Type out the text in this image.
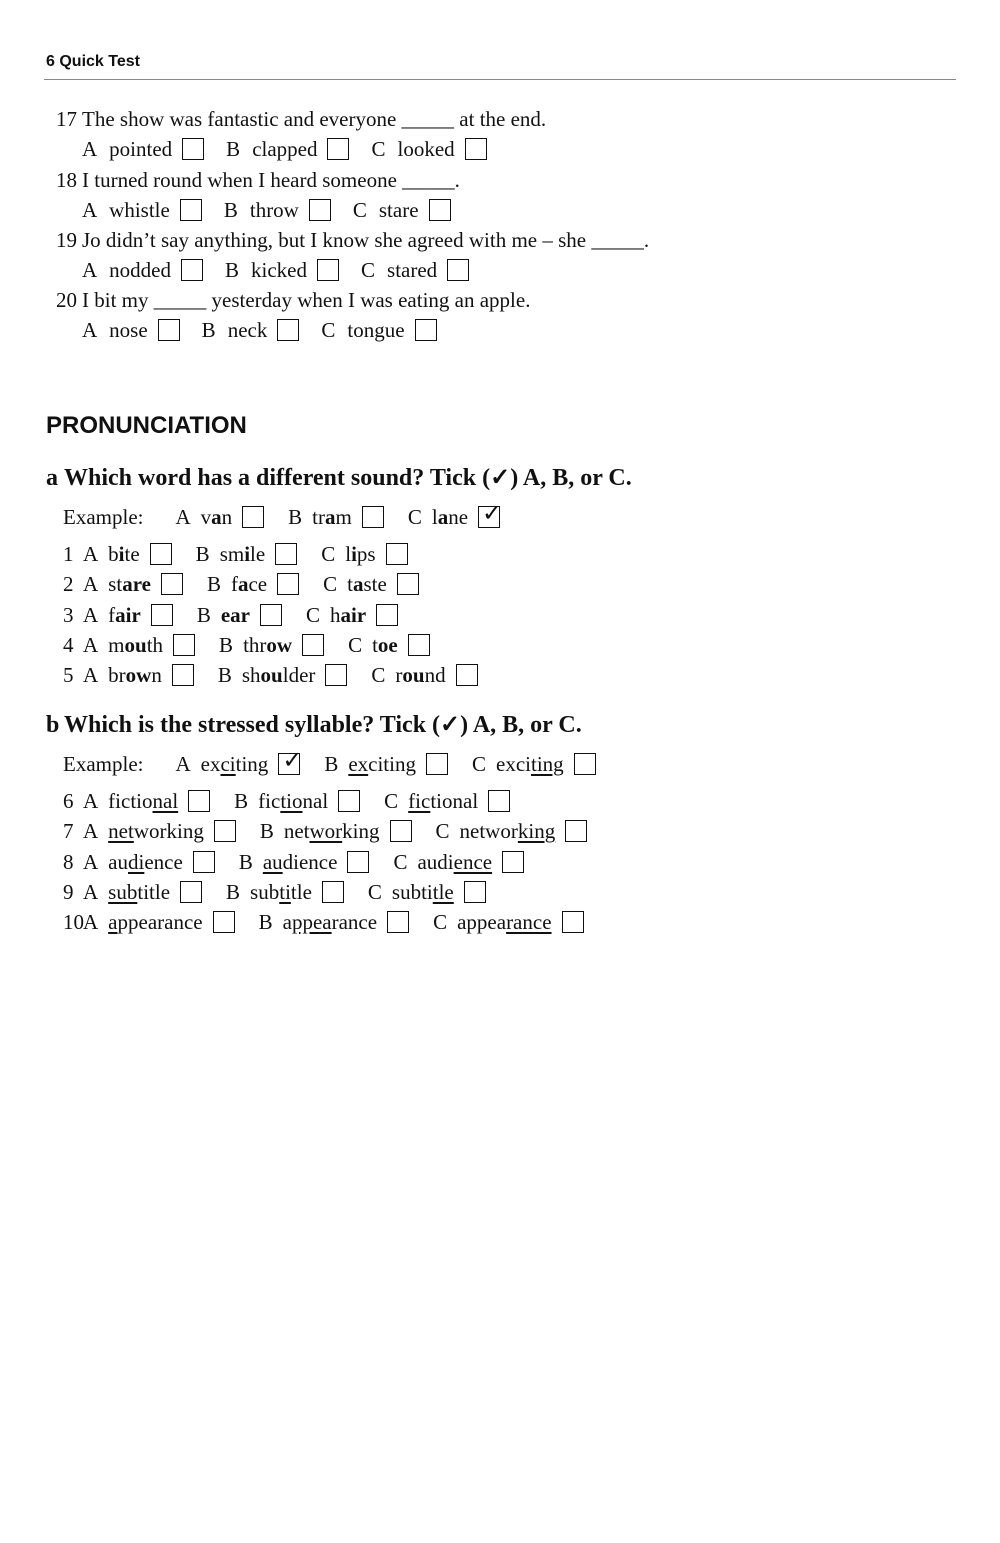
6 Quick Test
17 The show was fantastic and everyone _____ at the end.
A pointed	B clapped	C looked
18 I turned round when I heard someone _____.
A whistle	B throw	C stare
19 Jo didn’t say anything, but I know she agreed with me – she _____.
A nodded	B kicked	C stared
20 I bit my _____ yesterday when I was eating an apple.
A nose	B neck	C tongue
PRONUNCIATION
a Which word has a different sound? Tick (✓) A, B, or C.
Example: A van	B tram	C lane
✓
1 A bite	B smile	C lips
2 A stare	B face	C taste
3 A fair	B ear	C hair
4 A mouth	B throw	C toe
5 A brown	B shoulder	C round
b Which is the stressed syllable? Tick (✓) A, B, or C.
Example: A exciting
✓	B exciting	C exciting
6 A fictional	B fictional	C fictional
7 A networking	B networking	C networking
8 A audience	B audience	C audience
9 A subtitle	B subtitle	C subtitle
10 A appearance	B appearance	C appearance
